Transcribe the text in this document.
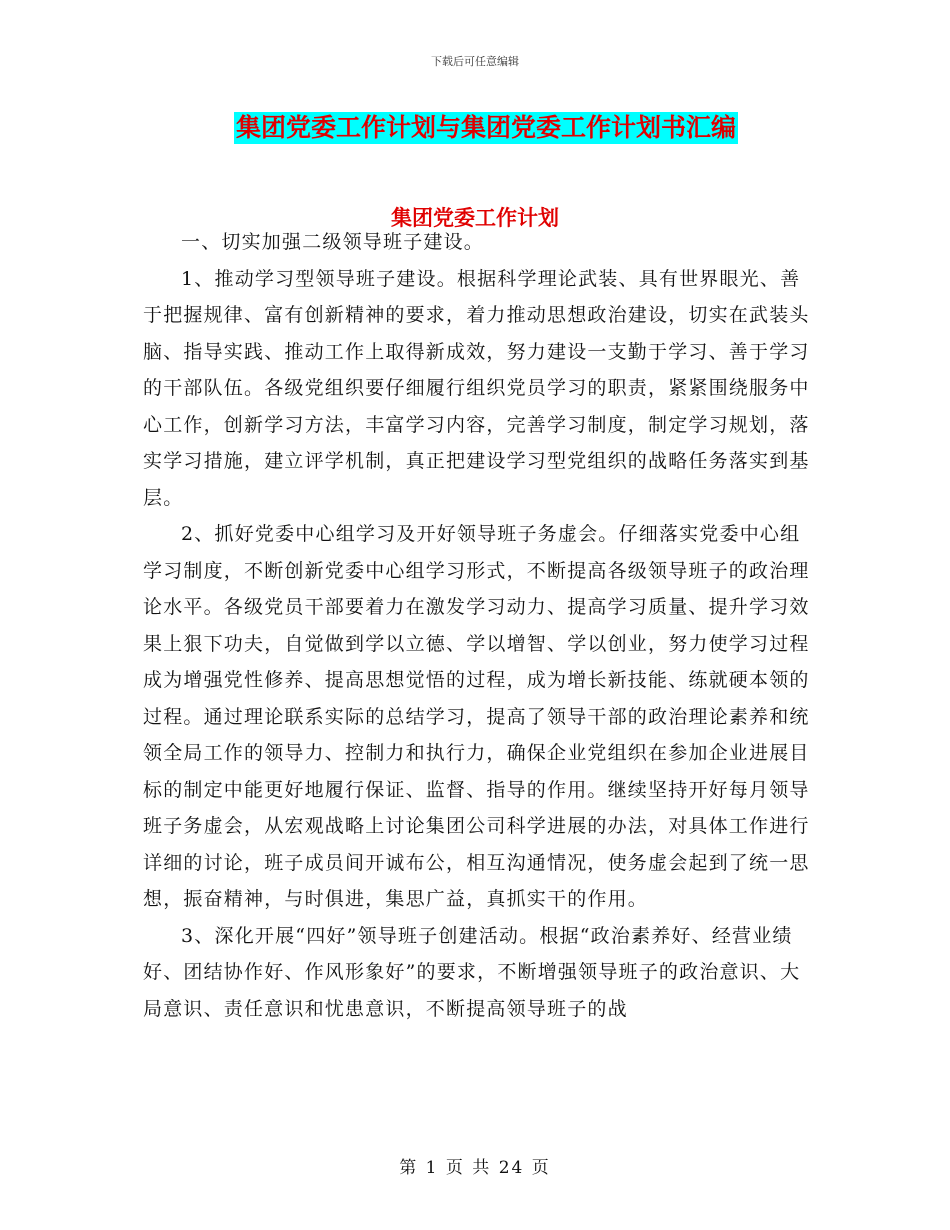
下载后可任意编辑
集团党委工作计划与集团党委工作计划书汇编
集团党委工作计划

一、切实加强二级领导班子建设。

1、推动学习型领导班子建设。根据科学理论武装、具有世界眼光、善于把握规律、富有创新精神的要求，着力推动思想政治建设，切实在武装头脑、指导实践、推动工作上取得新成效，努力建设一支勤于学习、善于学习的干部队伍。各级党组织要仔细履行组织党员学习的职责，紧紧围绕服务中心工作，创新学习方法，丰富学习内容，完善学习制度，制定学习规划，落实学习措施，建立评学机制，真正把建设学习型党组织的战略任务落实到基层。

2、抓好党委中心组学习及开好领导班子务虚会。仔细落实党委中心组学习制度，不断创新党委中心组学习形式，不断提高各级领导班子的政治理论水平。各级党员干部要着力在激发学习动力、提高学习质量、提升学习效果上狠下功夫，自觉做到学以立德、学以增智、学以创业，努力使学习过程成为增强党性修养、提高思想觉悟的过程，成为增长新技能、练就硬本领的过程。通过理论联系实际的总结学习，提高了领导干部的政治理论素养和统领全局工作的领导力、控制力和执行力，确保企业党组织在参加企业进展目标的制定中能更好地履行保证、监督、指导的作用。继续坚持开好每月领导班子务虚会，从宏观战略上讨论集团公司科学进展的办法，对具体工作进行详细的讨论，班子成员间开诚布公，相互沟通情况，使务虚会起到了统一思想，振奋精神，与时俱进，集思广益，真抓实干的作用。

3、深化开展“四好”领导班子创建活动。根据“政治素养好、经营业绩好、团结协作好、作风形象好”的要求，不断增强领导班子的政治意识、大局意识、责任意识和忧患意识，不断提高领导班子的战

第 1 页 共 24 页
